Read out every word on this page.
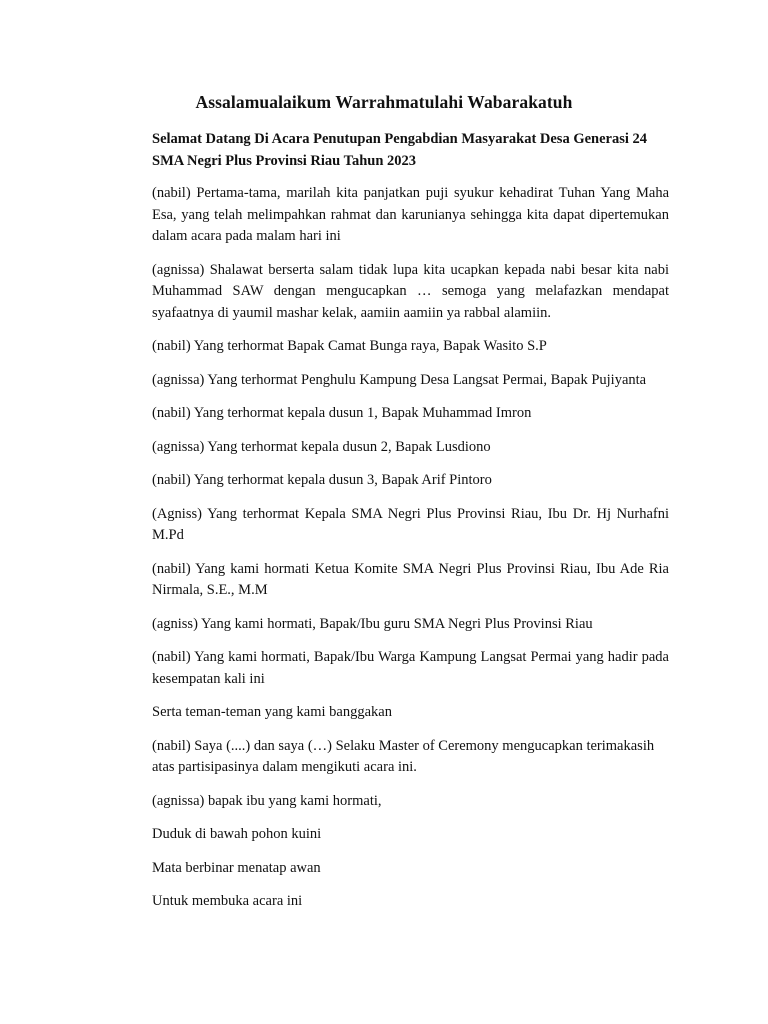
Assalamualaikum Warrahmatulahi Wabarakatuh

Selamat Datang Di Acara Penutupan Pengabdian Masyarakat Desa Generasi 24 SMA Negri Plus Provinsi Riau Tahun 2023

(nabil) Pertama-tama, marilah kita panjatkan puji syukur kehadirat Tuhan Yang Maha Esa, yang telah melimpahkan rahmat dan karunianya sehingga kita dapat dipertemukan dalam acara pada malam hari ini

(agnissa) Shalawat berserta salam tidak lupa kita ucapkan kepada nabi besar kita nabi Muhammad SAW dengan mengucapkan … semoga yang melafazkan mendapat syafaatnya di yaumil mashar kelak, aamiin aamiin ya rabbal alamiin.

(nabil) Yang terhormat Bapak Camat Bunga raya, Bapak Wasito S.P

(agnissa) Yang terhormat Penghulu Kampung Desa Langsat Permai, Bapak Pujiyanta

(nabil) Yang terhormat kepala dusun 1, Bapak Muhammad Imron

(agnissa) Yang terhormat kepala dusun 2, Bapak Lusdiono

(nabil) Yang terhormat kepala dusun 3, Bapak Arif Pintoro

(Agniss) Yang terhormat Kepala SMA Negri Plus Provinsi Riau, Ibu Dr. Hj Nurhafni M.Pd

(nabil) Yang kami hormati Ketua Komite SMA Negri Plus Provinsi Riau, Ibu Ade Ria Nirmala, S.E., M.M

(agniss) Yang kami hormati, Bapak/Ibu guru SMA Negri Plus Provinsi Riau

(nabil) Yang kami hormati, Bapak/Ibu Warga Kampung Langsat Permai yang hadir pada kesempatan kali ini

Serta teman-teman yang kami banggakan

(nabil) Saya (....) dan saya (…) Selaku Master of Ceremony mengucapkan terimakasih atas partisipasinya dalam mengikuti acara ini.

(agnissa) bapak ibu yang kami hormati,

Duduk di bawah pohon kuini

Mata berbinar menatap awan

Untuk membuka acara ini
